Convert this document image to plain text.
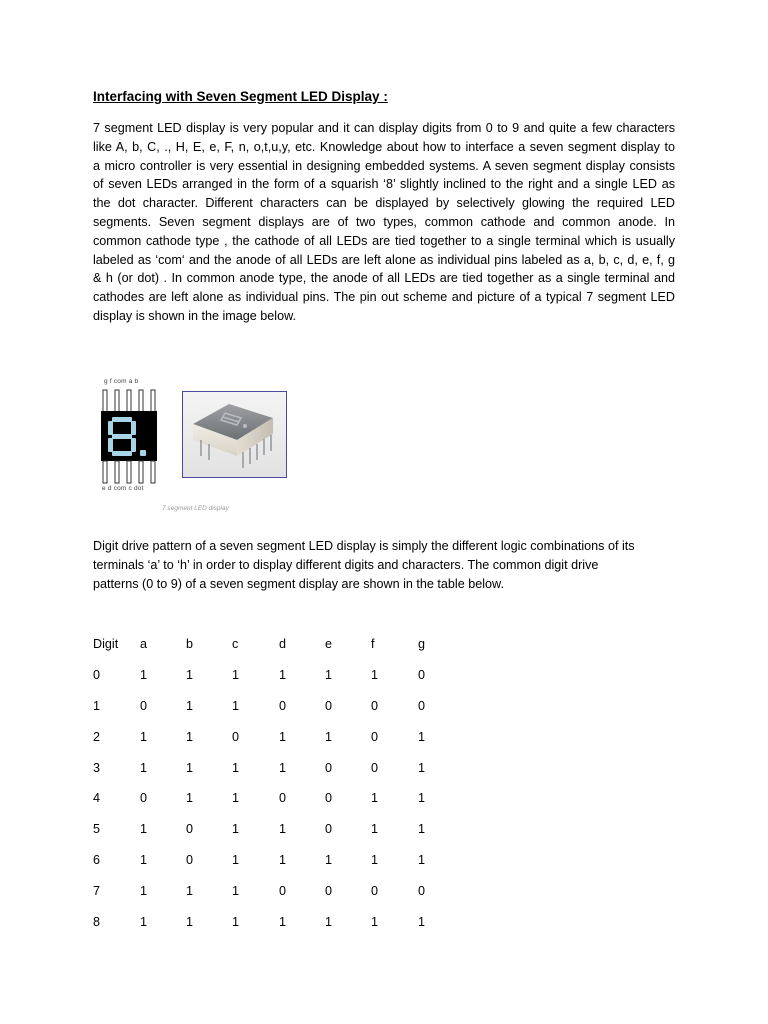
Interfacing with Seven Segment LED Display :
7 segment LED display is very popular and it can display digits from 0 to 9 and quite a few characters
like A, b, C, ., H, E, e, F, n, o,t,u,y, etc. Knowledge about how to interface a seven segment display to
a micro controller is very essential in designing embedded systems. A seven segment display consists
of seven LEDs arranged in the form of a squarish ‘8’ slightly inclined to the right and a single LED as
the dot character. Different characters can be displayed by selectively glowing the required LED
segments. Seven segment displays are of two types, common cathode and common anode. In
common cathode type , the cathode of all LEDs are tied together to a single terminal which is usually
labeled as ‘com‘ and the anode of all LEDs are left alone as individual pins labeled as a, b, c, d, e, f, g
& h (or dot) . In common anode type, the anode of all LEDs are tied together as a single terminal and
cathodes are left alone as individual pins. The pin out scheme and picture of a typical 7 segment LED
display is shown in the image below.
g f com a b
e d com c dot
7 segment LED display
Digit drive pattern of a seven segment LED display is simply the different logic combinations of its
terminals ‘a’ to ‘h’ in order to display different digits and characters. The common digit drive
patterns (0 to 9) of a seven segment display are shown in the table below.
Digit a	b	c	d	e	f	g
0	1	1	1	1	1	1	0
1	0	1	1	0	0	0	0
2	1	1	0	1	1	0	1
3	1	1	1	1	0	0	1
4	0	1	1	0	0	1	1
5	1	0	1	1	0	1	1
6	1	0	1	1	1	1	1
7	1	1	1	0	0	0	0
8	1	1	1	1	1	1	1
